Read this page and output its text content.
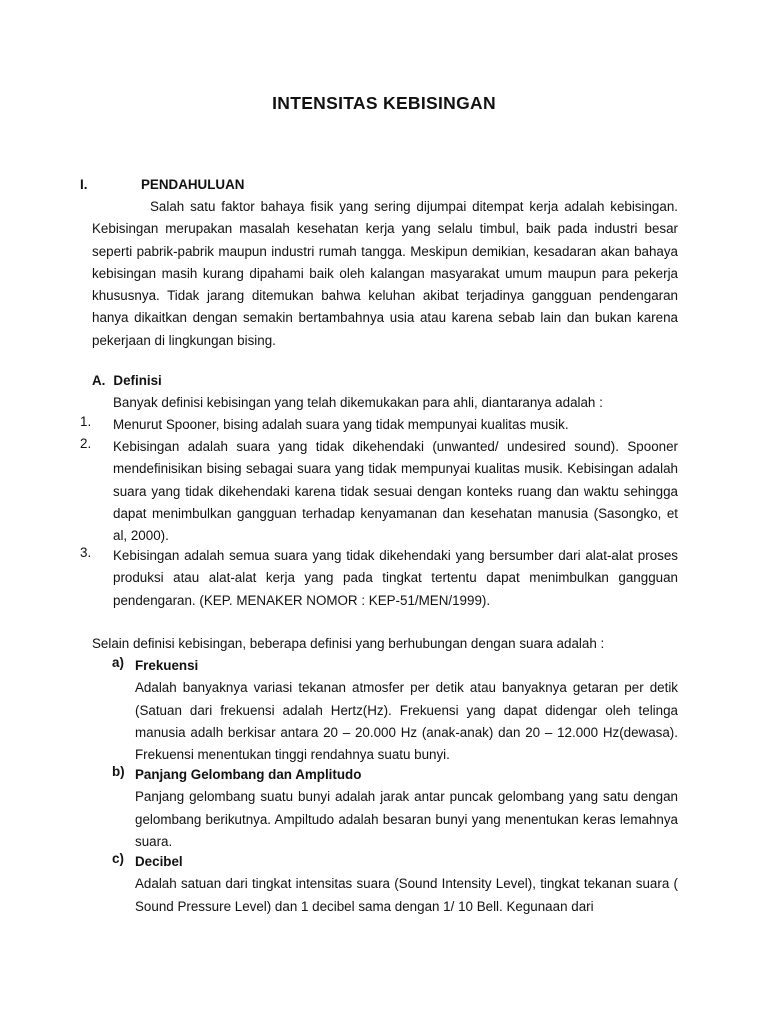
INTENSITAS KEBISINGAN
I.	PENDAHULUAN

Salah satu faktor bahaya fisik yang sering dijumpai ditempat kerja adalah kebisingan. Kebisingan merupakan masalah kesehatan kerja yang selalu timbul, baik pada industri besar seperti pabrik-pabrik maupun industri rumah tangga. Meskipun demikian, kesadaran akan bahaya kebisingan masih kurang dipahami baik oleh kalangan masyarakat umum maupun para pekerja khususnya. Tidak jarang ditemukan bahwa keluhan akibat terjadinya gangguan pendengaran hanya dikaitkan dengan semakin bertambahnya usia atau karena sebab lain dan bukan karena pekerjaan di lingkungan bising.

A. Definisi

Banyak definisi kebisingan yang telah dikemukakan para ahli, diantaranya adalah :

1. Menurut Spooner, bising adalah suara yang tidak mempunyai kualitas musik.

2. Kebisingan adalah suara yang tidak dikehendaki (unwanted/ undesired sound). Spooner mendefinisikan bising sebagai suara yang tidak mempunyai kualitas musik. Kebisingan adalah suara yang tidak dikehendaki karena tidak sesuai dengan konteks ruang dan waktu sehingga dapat menimbulkan gangguan terhadap kenyamanan dan kesehatan manusia (Sasongko, et al, 2000).

3. Kebisingan adalah semua suara yang tidak dikehendaki yang bersumber dari alat-alat proses produksi atau alat-alat kerja yang pada tingkat tertentu dapat menimbulkan gangguan pendengaran. (KEP. MENAKER NOMOR : KEP-51/MEN/1999).

Selain definisi kebisingan, beberapa definisi yang berhubungan dengan suara adalah :

a) Frekuensi

Adalah banyaknya variasi tekanan atmosfer per detik atau banyaknya getaran per detik (Satuan dari frekuensi adalah Hertz(Hz). Frekuensi yang dapat didengar oleh telinga manusia adalh berkisar antara 20 – 20.000 Hz (anak-anak) dan 20 – 12.000 Hz(dewasa). Frekuensi menentukan tinggi rendahnya suatu bunyi.

b) Panjang Gelombang dan Amplitudo

Panjang gelombang suatu bunyi adalah jarak antar puncak gelombang yang satu dengan gelombang berikutnya. Ampiltudo adalah besaran bunyi yang menentukan keras lemahnya suara.

c) Decibel

Adalah satuan dari tingkat intensitas suara (Sound Intensity Level), tingkat tekanan suara ( Sound Pressure Level) dan 1 decibel sama dengan 1/ 10 Bell. Kegunaan dari
